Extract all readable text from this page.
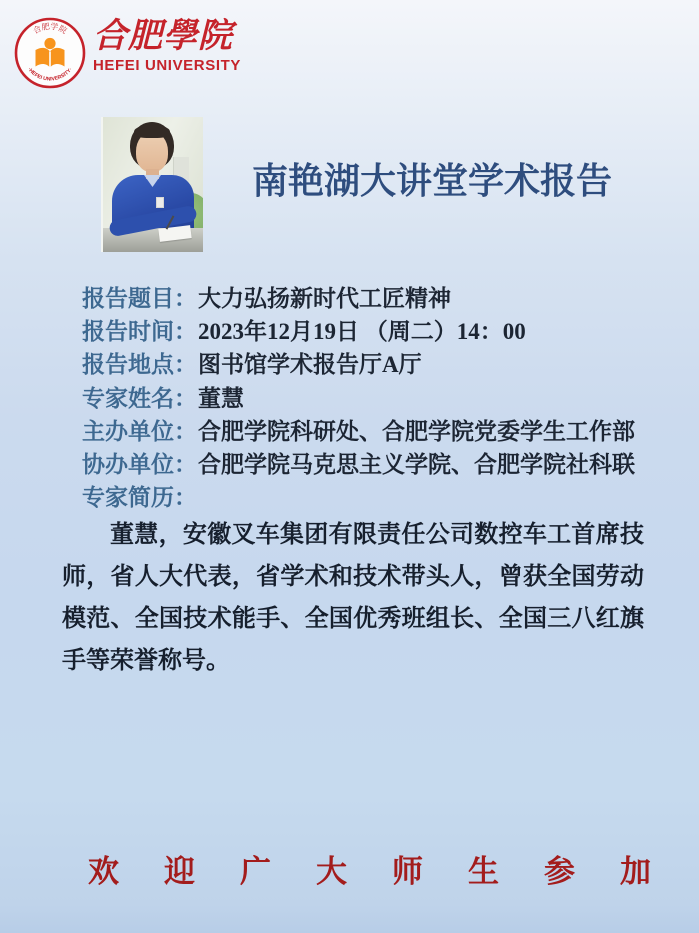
合肥学院
·HEFEI UNIVERSITY·
合肥學院
HEFEI UNIVERSITY
南艳湖大讲堂学术报告
报告题目： 大力弘扬新时代工匠精神
报告时间： 2023年12月19日 （周二）14：00
报告地点： 图书馆学术报告厅A厅
专家姓名： 董慧
主办单位： 合肥学院科研处、合肥学院党委学生工作部
协办单位： 合肥学院马克思主义学院、合肥学院社科联
专家简历：
董慧，安徽叉车集团有限责任公司数控车工首席技师，省人大代表，省学术和技术带头人，曾获全国劳动模范、全国技术能手、全国优秀班组长、全国三八红旗手等荣誉称号。
欢迎广大师生参加
